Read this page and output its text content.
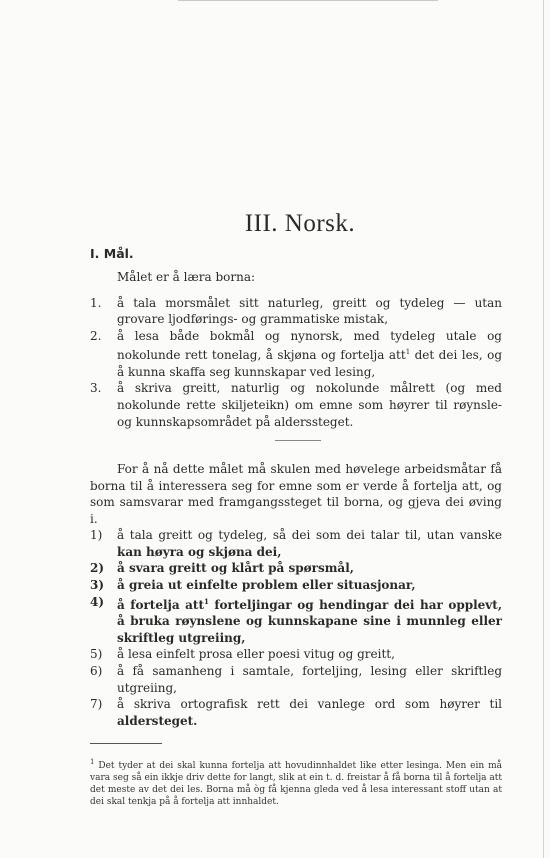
III. Norsk.
I. Mål.

Målet er å læra borna:

1. å tala morsmålet sitt naturleg, greitt og tydeleg — utan grovare ljodførings- og grammatiske mistak,
2. å lesa både bokmål og nynorsk, med tydeleg utale og nokolunde rett tonelag, å skjøna og fortelja att$^1$ det dei les, og å kunna skaffa seg kunnskapar ved lesing,
3. å skriva greitt, naturlig og nokolunde målrett (og med nokolunde rette skiljeteikn) om emne som høyrer til røynsle- og kunnskapsområdet på alderssteget.

For å nå dette målet må skulen med høvelege arbeidsmåtar få borna til å interessera seg for emne som er verde å fortelja att, og som samsvarar med framgangssteget til borna, og gjeva dei øving i.

1) å tala greitt og tydeleg, så dei som dei talar til, utan vanske kan høyra og skjøna dei,
2) å svara greitt og klårt på spørsmål,
3) å greia ut einfelte problem eller situasjonar,
4) å fortelja att$^1$ forteljingar og hendingar dei har opplevt, å bruka røynslene og kunnskapane sine i munnleg eller skriftleg utgreiing,
5) å lesa einfelt prosa eller poesi vitug og greitt,
6) å få samanheng i samtale, forteljing, lesing eller skriftleg utgreiing,
7) å skriva ortografisk rett dei vanlege ord som høyrer til aldersteget.

$^1$ Det tyder at dei skal kunna fortelja att hovudinnhaldet like etter lesinga. Men ein må vara seg så ein ikkje driv dette for langt, slik at ein t. d. freistar å få borna til å fortelja att det meste av det dei les. Borna må òg få kjenna gleda ved å lesa interessant stoff utan at dei skal tenkja på å fortelja att innhaldet.
